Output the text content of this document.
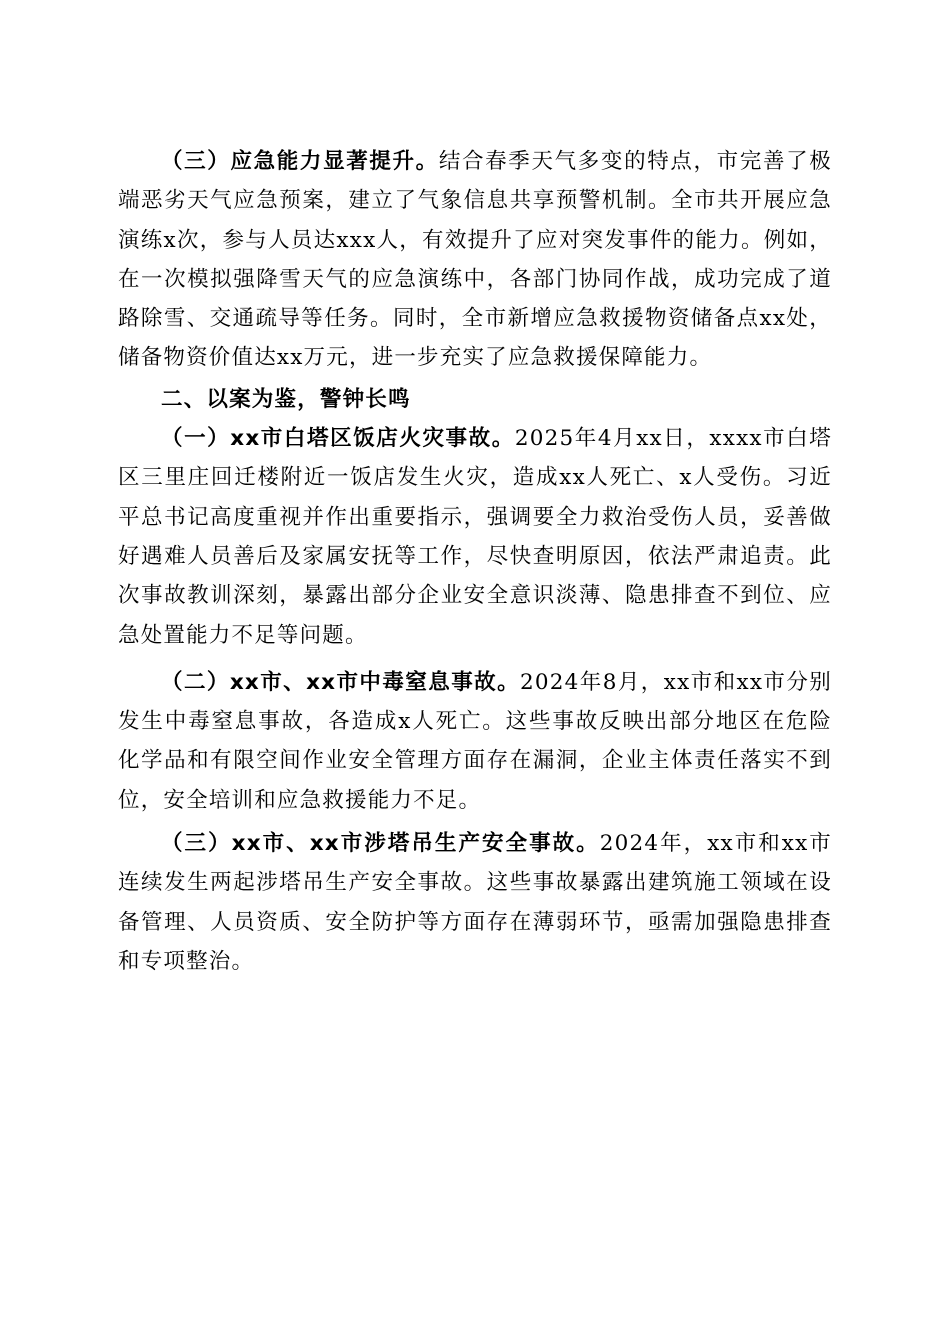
（三）应急能力显著提升。结合春季天气多变的特点，市完善了极端恶劣天气应急预案，建立了气象信息共享预警机制。全市共开展应急演练x次，参与人员达xxx人，有效提升了应对突发事件的能力。例如，在一次模拟强降雪天气的应急演练中，各部门协同作战，成功完成了道路除雪、交通疏导等任务。同时，全市新增应急救援物资储备点xx处，储备物资价值达xx万元，进一步充实了应急救援保障能力。

二、以案为鉴，警钟长鸣

（一）xx市白塔区饭店火灾事故。2025年4月xx日，xxxx市白塔区三里庄回迁楼附近一饭店发生火灾，造成xx人死亡、x人受伤。习近平总书记高度重视并作出重要指示，强调要全力救治受伤人员，妥善做好遇难人员善后及家属安抚等工作，尽快查明原因，依法严肃追责。此次事故教训深刻，暴露出部分企业安全意识淡薄、隐患排查不到位、应急处置能力不足等问题。

（二）xx市、xx市中毒窒息事故。2024年8月，xx市和xx市分别发生中毒窒息事故，各造成x人死亡。这些事故反映出部分地区在危险化学品和有限空间作业安全管理方面存在漏洞，企业主体责任落实不到位，安全培训和应急救援能力不足。

（三）xx市、xx市涉塔吊生产安全事故。2024年，xx市和xx市连续发生两起涉塔吊生产安全事故。这些事故暴露出建筑施工领域在设备管理、人员资质、安全防护等方面存在薄弱环节，亟需加强隐患排查和专项整治。
